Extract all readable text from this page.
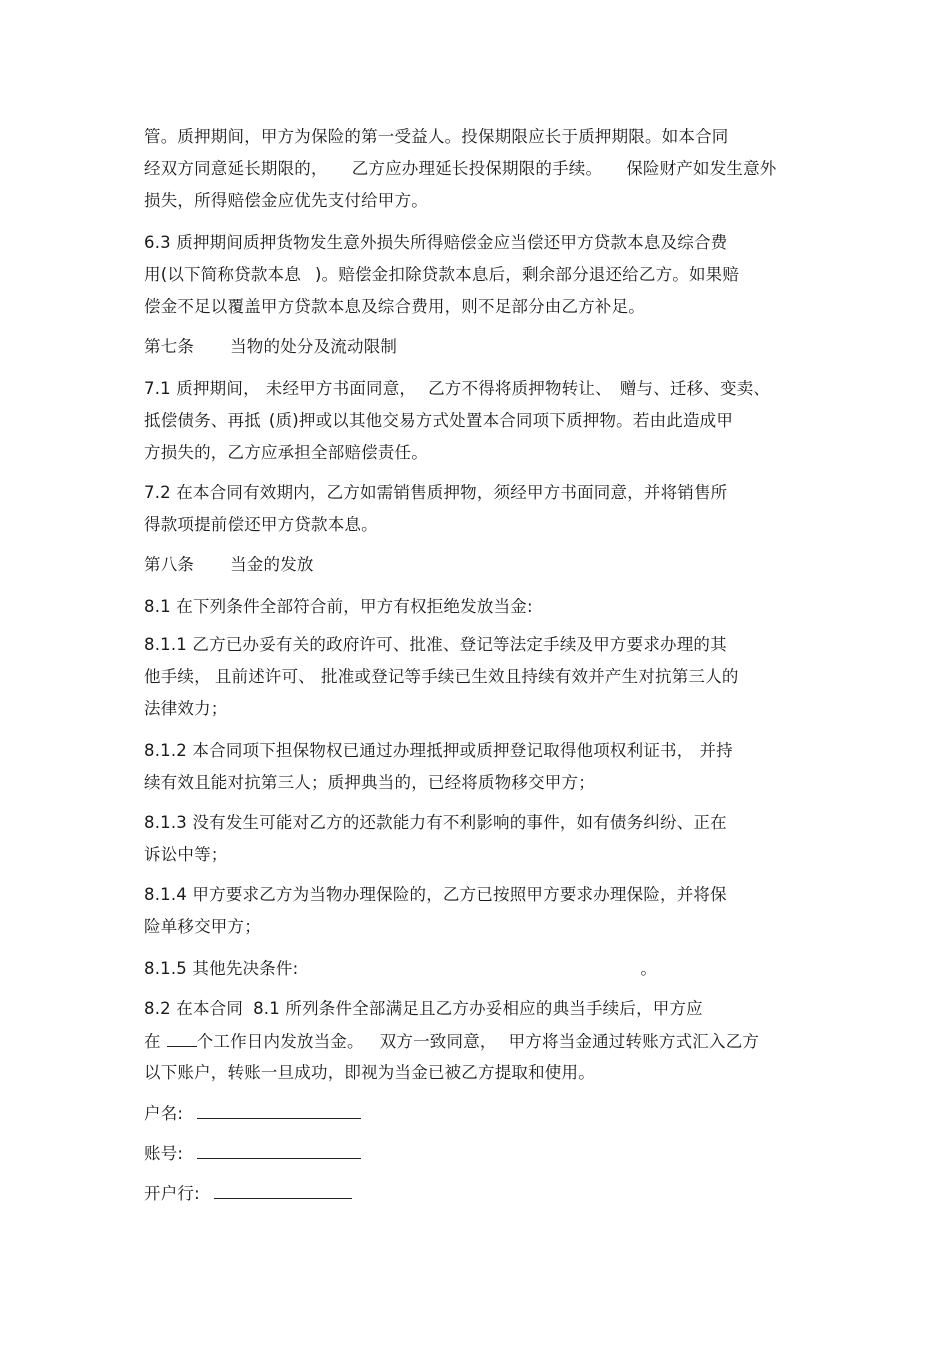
管。质押期间，甲方为保险的第一受益人。投保期限应长于质押期限。如本合同
经双方同意延长期限的， 乙方应办理延长投保期限的手续。 保险财产如发生意外
损失，所得赔偿金应优先支付给甲方。
6.3 质押期间质押货物发生意外损失所得赔偿金应当偿还甲方贷款本息及综合费
用(以下简称贷款本息 )。赔偿金扣除贷款本息后，剩余部分退还给乙方。如果赔
偿金不足以覆盖甲方贷款本息及综合费用，则不足部分由乙方补足。
第七条 当物的处分及流动限制
7.1 质押期间， 未经甲方书面同意， 乙方不得将质押物转让、 赠与、迁移、变卖、
抵偿债务、再抵 (质)押或以其他交易方式处置本合同项下质押物。若由此造成甲
方损失的，乙方应承担全部赔偿责任。
7.2 在本合同有效期内，乙方如需销售质押物，须经甲方书面同意，并将销售所
得款项提前偿还甲方贷款本息。
第八条 当金的发放
8.1 在下列条件全部符合前，甲方有权拒绝发放当金:
8.1.1 乙方已办妥有关的政府许可、批准、登记等法定手续及甲方要求办理的其
他手续， 且前述许可、 批准或登记等手续已生效且持续有效并产生对抗第三人的
法律效力；
8.1.2 本合同项下担保物权已通过办理抵押或质押登记取得他项权利证书， 并持
续有效且能对抗第三人；质押典当的，已经将质物移交甲方；
8.1.3 没有发生可能对乙方的还款能力有不利影响的事件，如有债务纠纷、正在
诉讼中等；
8.1.4 甲方要求乙方为当物办理保险的，乙方已按照甲方要求办理保险，并将保
险单移交甲方；
8.1.5 其他先决条件:	。
8.2 在本合同 8.1 所列条件全部满足且乙方办妥相应的典当手续后，甲方应
在 个工作日内发放当金。 双方一致同意， 甲方将当金通过转账方式汇入乙方
以下账户，转账一旦成功，即视为当金已被乙方提取和使用。
户名:
账号:
开户行:
